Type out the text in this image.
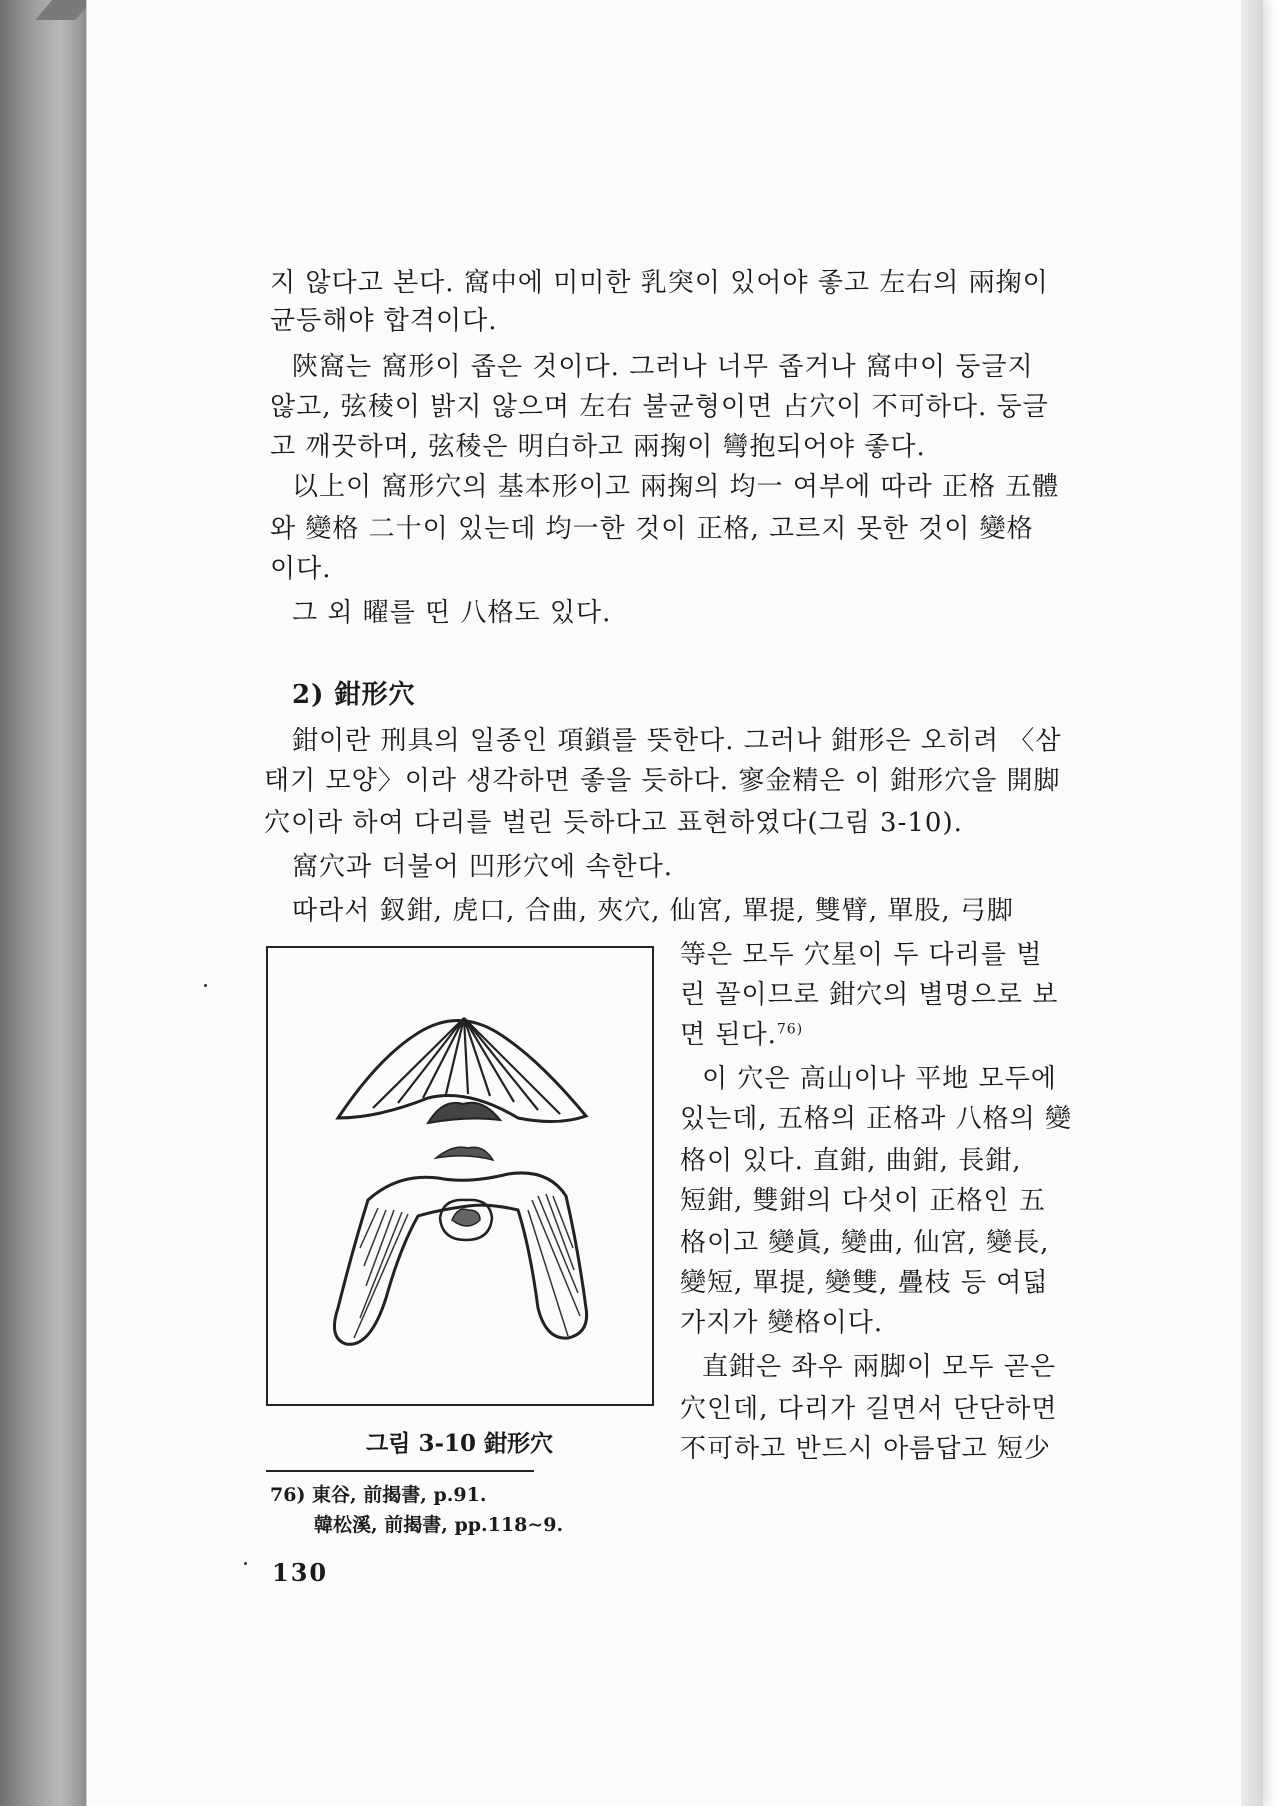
지 않다고 본다. 窩中에 미미한 乳突이 있어야 좋고 左右의 兩掬이
균등해야 합격이다.
陝窩는 窩形이 좁은 것이다. 그러나 너무 좁거나 窩中이 둥글지
않고, 弦稜이 밝지 않으며 左右 불균형이면 占穴이 不可하다. 둥글
고 깨끗하며, 弦稜은 明白하고 兩掬이 彎抱되어야 좋다.
以上이 窩形穴의 基本形이고 兩掬의 均一 여부에 따라 正格 五體
와 變格 二十이 있는데 均一한 것이 正格, 고르지 못한 것이 變格
이다.
그 외 曜를 띤 八格도 있다.
2) 鉗形穴
鉗이란 刑具의 일종인 項鎖를 뜻한다. 그러나 鉗形은 오히려 〈삼
태기 모양〉이라 생각하면 좋을 듯하다. 寥金精은 이 鉗形穴을 開脚
穴이라 하여 다리를 벌린 듯하다고 표현하였다(그림 3-10).
窩穴과 더불어 凹形穴에 속한다.
따라서 釵鉗, 虎口, 合曲, 夾穴, 仙宮, 單提, 雙臂, 單股, 弓脚
等은 모두 穴星이 두 다리를 벌
린 꼴이므로 鉗穴의 별명으로 보
면 된다.$^{76)}$
이 穴은 高山이나 平地 모두에
있는데, 五格의 正格과 八格의 變
格이 있다. 直鉗, 曲鉗, 長鉗,
短鉗, 雙鉗의 다섯이 正格인 五
格이고 變眞, 變曲, 仙宮, 變長,
變短, 單提, 變雙, 疊枝 등 여덟
가지가 變格이다.
直鉗은 좌우 兩脚이 모두 곧은
穴인데, 다리가 길면서 단단하면
不可하고 반드시 아름답고 短少
그림 3-10 鉗形穴
76) 東谷, 前揭書, p.91.
韓松溪, 前揭書, pp.118∼9.
130
